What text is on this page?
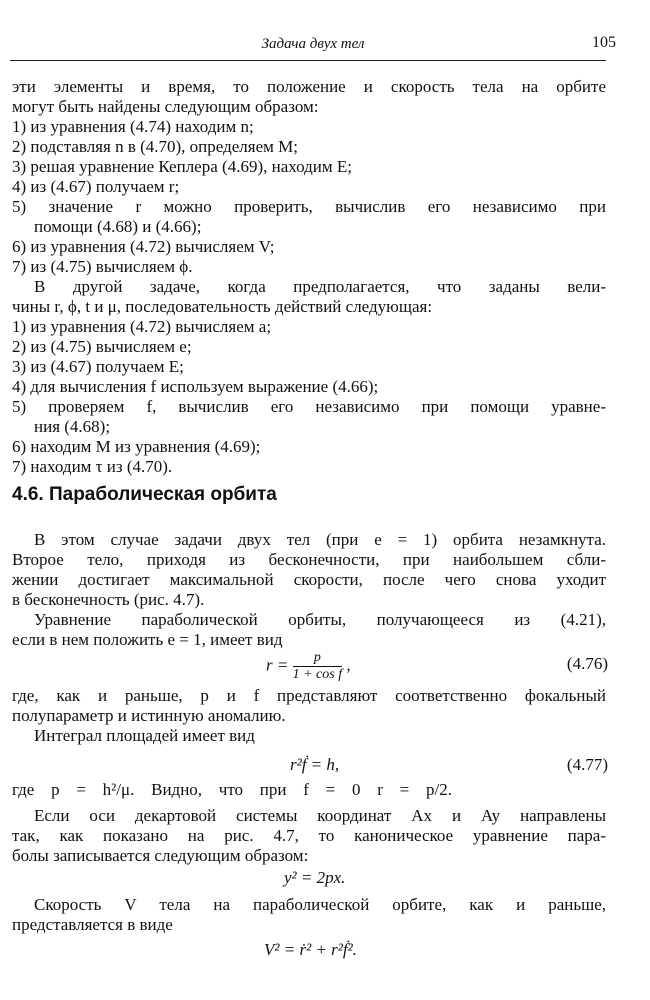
Задача двух тел	105
эти элементы и время, то положение и скорость тела на орбите
могут быть найдены следующим образом:
1) из уравнения (4.74) находим n;
2) подставляя n в (4.70), определяем M;
3) решая уравнение Кеплера (4.69), находим E;
4) из (4.67) получаем r;
5) значение r можно проверить, вычислив его независимо при
помощи (4.68) и (4.66);
6) из уравнения (4.72) вычисляем V;
7) из (4.75) вычисляем ϕ.
В другой задаче, когда предполагается, что заданы вели-
чины r, ϕ, t и μ, последовательность действий следующая:
1) из уравнения (4.72) вычисляем a;
2) из (4.75) вычисляем e;
3) из (4.67) получаем E;
4) для вычисления f используем выражение (4.66);
5) проверяем f, вычислив его независимо при помощи уравне-
ния (4.68);
6) находим M из уравнения (4.69);
7) находим τ из (4.70).
4.6. Параболическая орбита
В этом случае задачи двух тел (при e = 1) орбита незамкнута.
Второе тело, приходя из бесконечности, при наибольшем сбли-
жении достигает максимальной скорости, после чего снова уходит
в бесконечность (рис. 4.7).
Уравнение параболической орбиты, получающееся из (4.21),
если в нем положить e = 1, имеет вид
$r = \frac{p}{\text{1 + cos f}}$ ,	(4.76)
где, как и раньше, p и f представляют соответственно фокальный
полупараметр и истинную аномалию.
Интеграл площадей имеет вид
r²ḟ = h,	(4.77)
где p = h²/μ. Видно, что при f = 0 r = p/2.
Если оси декартовой системы координат Ax и Ay направлены
так, как показано на рис. 4.7, то каноническое уравнение пара-
болы записывается следующим образом:
y² = 2px.
Скорость V тела на параболической орбите, как и раньше,
представляется в виде
V² = ṙ² + r²ḟ².
